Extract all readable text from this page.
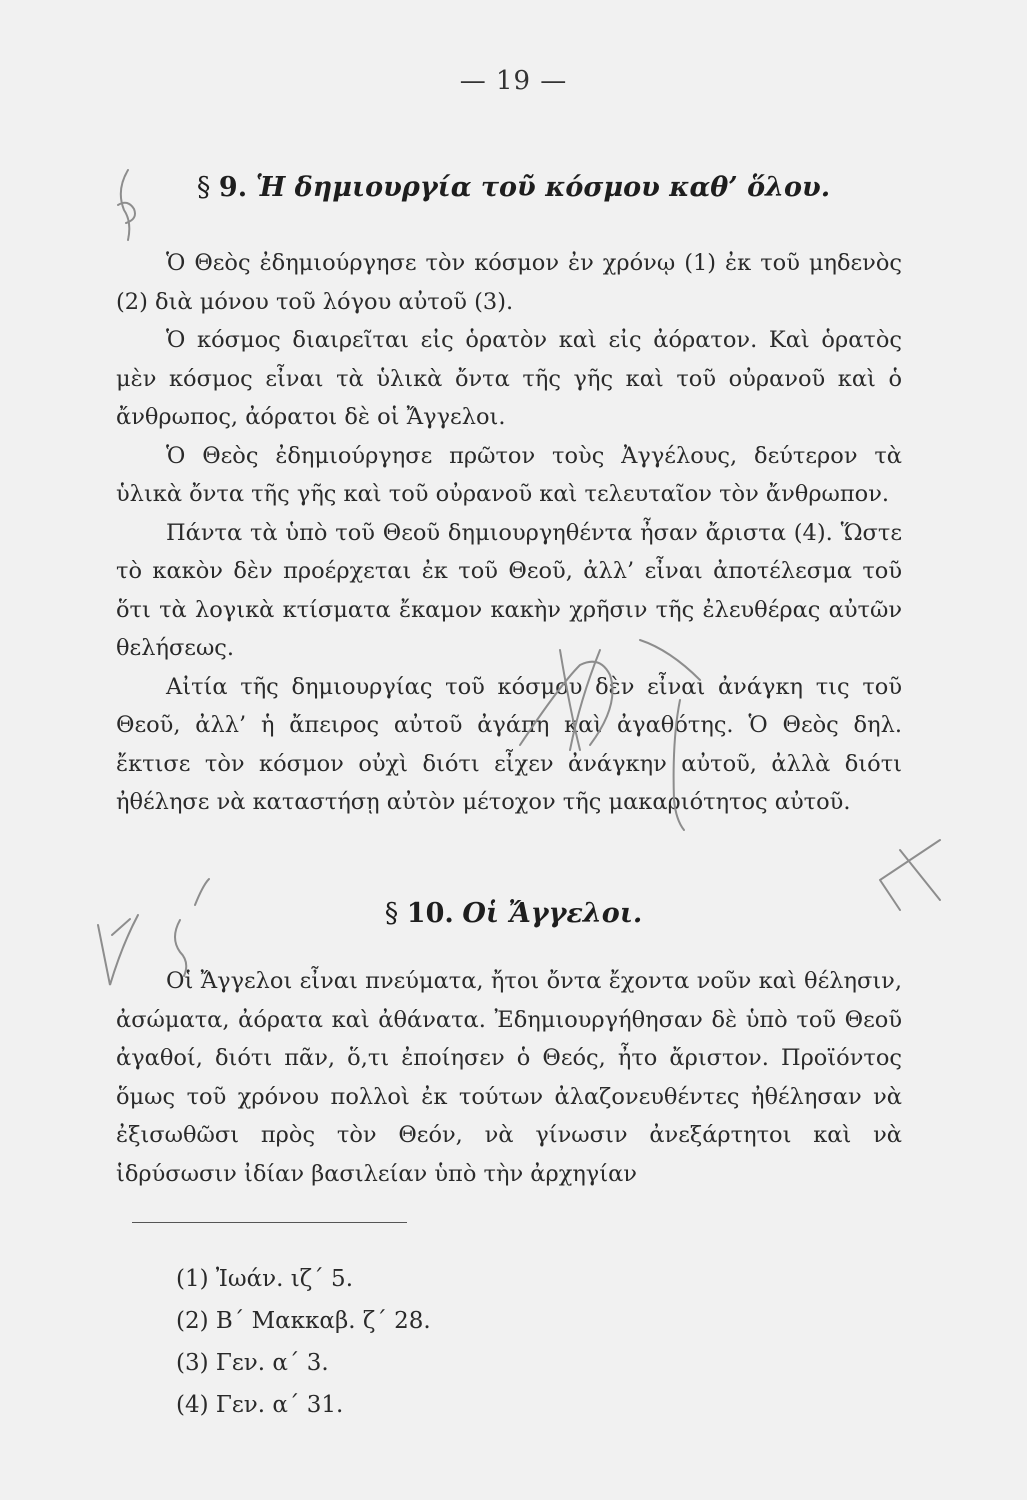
— 19 —
§ 9. Ἡ δημιουργία τοῦ κόσμου καθ’ ὅλου.

Ὁ Θεὸς ἐδημιούργησε τὸν κόσμον ἐν χρόνῳ (1) ἐκ τοῦ μηδενὸς (2) διὰ μόνου τοῦ λόγου αὐτοῦ (3).

Ὁ κόσμος διαιρεῖται εἰς ὁρατὸν καὶ εἰς ἀόρατον. Καὶ ὁρατὸς μὲν κόσμος εἶναι τὰ ὑλικὰ ὄντα τῆς γῆς καὶ τοῦ οὐρανοῦ καὶ ὁ ἄνθρωπος, ἀόρατοι δὲ οἱ Ἄγγελοι.

Ὁ Θεὸς ἐδημιούργησε πρῶτον τοὺς Ἀγγέλους, δεύτερον τὰ ὑλικὰ ὄντα τῆς γῆς καὶ τοῦ οὐρανοῦ καὶ τελευταῖον τὸν ἄνθρωπον.

Πάντα τὰ ὑπὸ τοῦ Θεοῦ δημιουργηθέντα ἦσαν ἄριστα (4). Ὥστε τὸ κακὸν δὲν προέρχεται ἐκ τοῦ Θεοῦ, ἀλλ’ εἶναι ἀποτέλεσμα τοῦ ὅτι τὰ λογικὰ κτίσματα ἔκαμον κακὴν χρῆσιν τῆς ἐλευθέρας αὐτῶν θελήσεως.

Αἰτία τῆς δημιουργίας τοῦ κόσμου δὲν εἶναι ἀνάγκη τις τοῦ Θεοῦ, ἀλλ’ ἡ ἄπειρος αὐτοῦ ἀγάπη καὶ ἀγαθότης. Ὁ Θεὸς δηλ. ἔκτισε τὸν κόσμον οὐχὶ διότι εἶχεν ἀνάγκην αὐτοῦ, ἀλλὰ διότι ἠθέλησε νὰ καταστήσῃ αὐτὸν μέτοχον τῆς μακαριότητος αὐτοῦ.

§ 10. Οἱ Ἄγγελοι.

Οἱ Ἄγγελοι εἶναι πνεύματα, ἤτοι ὄντα ἔχοντα νοῦν καὶ θέλησιν, ἀσώματα, ἀόρατα καὶ ἀθάνατα. Ἐδημιουργήθησαν δὲ ὑπὸ τοῦ Θεοῦ ἀγαθοί, διότι πᾶν, ὅ,τι ἐποίησεν ὁ Θεός, ἦτο ἄριστον. Προϊόντος ὅμως τοῦ χρόνου πολλοὶ ἐκ τούτων ἀλαζονευθέντες ἠθέλησαν νὰ ἐξισωθῶσι πρὸς τὸν Θεόν, νὰ γίνωσιν ἀνεξάρτητοι καὶ νὰ ἱδρύσωσιν ἰδίαν βασιλείαν ὑπὸ τὴν ἀρχηγίαν

(1) Ἰωάν. ιζ΄ 5.
(2) Β΄ Μακκαβ. ζ΄ 28.
(3) Γεν. α΄ 3.
(4) Γεν. α΄ 31.
